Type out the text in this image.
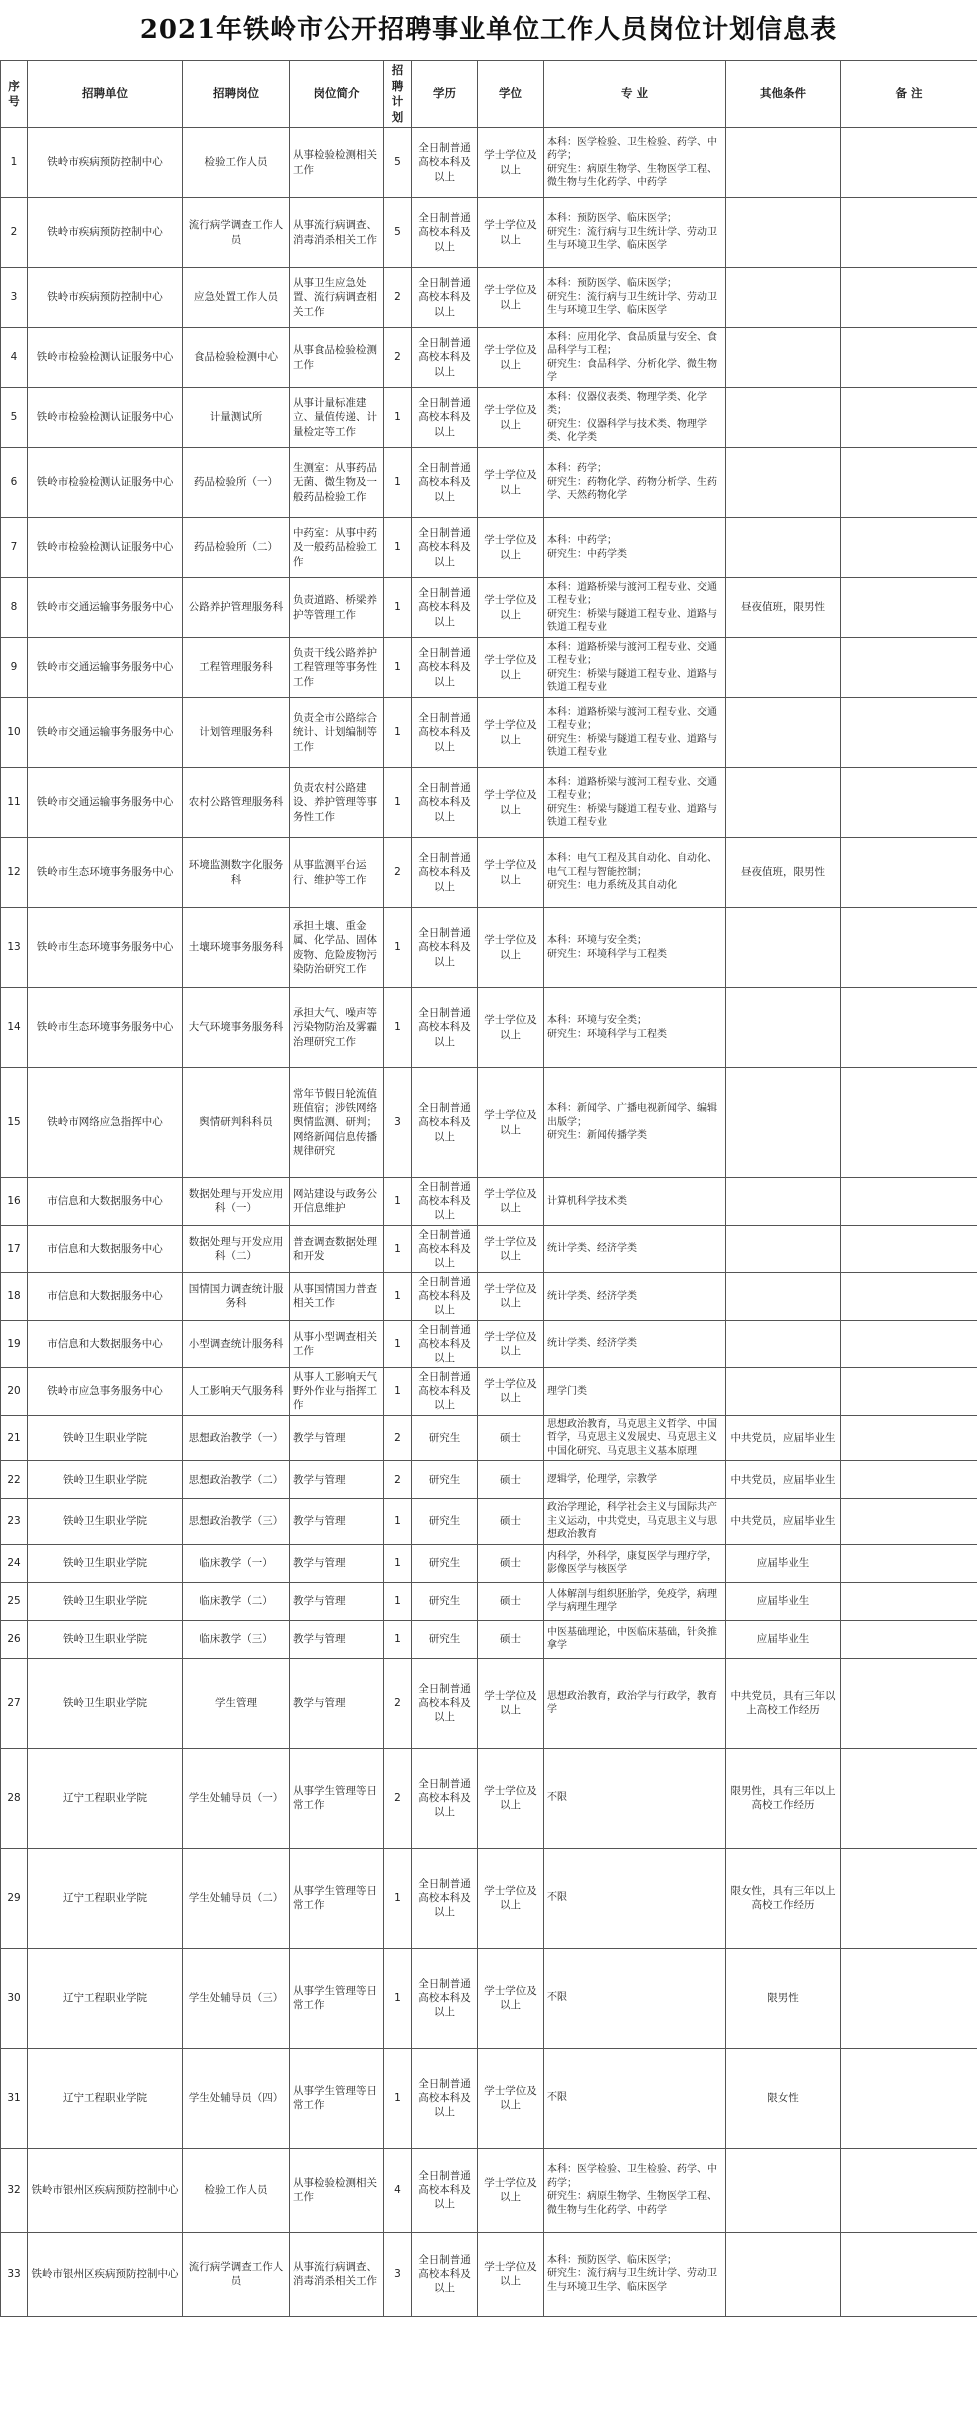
2021年铁岭市公开招聘事业单位工作人员岗位计划信息表
序号	招聘单位	招聘岗位	岗位简介	招聘计划	学历	学位	专 业	其他条件	备 注
1	铁岭市疾病预防控制中心	检验工作人员	从事检验检测相关工作	5	全日制普通高校本科及以上	学士学位及以上	本科：医学检验、卫生检验、药学、中药学；
研究生：病原生物学、生物医学工程、微生物与生化药学、中药学		
2	铁岭市疾病预防控制中心	流行病学调查工作人员	从事流行病调查、消毒消杀相关工作	5	全日制普通高校本科及以上	学士学位及以上	本科：预防医学、临床医学；
研究生：流行病与卫生统计学、劳动卫生与环境卫生学、临床医学		
3	铁岭市疾病预防控制中心	应急处置工作人员	从事卫生应急处置、流行病调查相关工作	2	全日制普通高校本科及以上	学士学位及以上	本科：预防医学、临床医学；
研究生：流行病与卫生统计学、劳动卫生与环境卫生学、临床医学		
4	铁岭市检验检测认证服务中心	食品检验检测中心	从事食品检验检测工作	2	全日制普通高校本科及以上	学士学位及以上	本科：应用化学、食品质量与安全、食品科学与工程；
研究生：食品科学、分析化学、微生物学		
5	铁岭市检验检测认证服务中心	计量测试所	从事计量标准建立、量值传递、计量检定等工作	1	全日制普通高校本科及以上	学士学位及以上	本科：仪器仪表类、物理学类、化学类；
研究生：仪器科学与技术类、物理学类、化学类		
6	铁岭市检验检测认证服务中心	药品检验所（一）	生测室：从事药品无菌、微生物及一般药品检验工作	1	全日制普通高校本科及以上	学士学位及以上	本科：药学；
研究生：药物化学、药物分析学、生药学、天然药物化学		
7	铁岭市检验检测认证服务中心	药品检验所（二）	中药室：从事中药及一般药品检验工作	1	全日制普通高校本科及以上	学士学位及以上	本科：中药学；
研究生：中药学类		
8	铁岭市交通运输事务服务中心	公路养护管理服务科	负责道路、桥梁养护等管理工作	1	全日制普通高校本科及以上	学士学位及以上	本科：道路桥梁与渡河工程专业、交通工程专业；
研究生：桥梁与隧道工程专业、道路与铁道工程专业	昼夜值班，限男性	
9	铁岭市交通运输事务服务中心	工程管理服务科	负责干线公路养护工程管理等事务性工作	1	全日制普通高校本科及以上	学士学位及以上	本科：道路桥梁与渡河工程专业、交通工程专业；
研究生：桥梁与隧道工程专业、道路与铁道工程专业		
10	铁岭市交通运输事务服务中心	计划管理服务科	负责全市公路综合统计、计划编制等工作	1	全日制普通高校本科及以上	学士学位及以上	本科：道路桥梁与渡河工程专业、交通工程专业；
研究生：桥梁与隧道工程专业、道路与铁道工程专业		
11	铁岭市交通运输事务服务中心	农村公路管理服务科	负责农村公路建设、养护管理等事务性工作	1	全日制普通高校本科及以上	学士学位及以上	本科：道路桥梁与渡河工程专业、交通工程专业；
研究生：桥梁与隧道工程专业、道路与铁道工程专业		
12	铁岭市生态环境事务服务中心	环境监测数字化服务科	从事监测平台运行、维护等工作	2	全日制普通高校本科及以上	学士学位及以上	本科：电气工程及其自动化、自动化、电气工程与智能控制；
研究生：电力系统及其自动化	昼夜值班，限男性	
13	铁岭市生态环境事务服务中心	土壤环境事务服务科	承担土壤、重金属、化学品、固体废物、危险废物污染防治研究工作	1	全日制普通高校本科及以上	学士学位及以上	本科：环境与安全类；
研究生：环境科学与工程类		
14	铁岭市生态环境事务服务中心	大气环境事务服务科	承担大气、噪声等污染物防治及雾霾治理研究工作	1	全日制普通高校本科及以上	学士学位及以上	本科：环境与安全类；
研究生：环境科学与工程类		
15	铁岭市网络应急指挥中心	舆情研判科科员	常年节假日轮流值班值宿；涉铁网络舆情监测、研判；网络新闻信息传播规律研究	3	全日制普通高校本科及以上	学士学位及以上	本科：新闻学、广播电视新闻学、编辑出版学；
研究生：新闻传播学类		
16	市信息和大数据服务中心	数据处理与开发应用科（一）	网站建设与政务公开信息维护	1	全日制普通高校本科及以上	学士学位及以上	计算机科学技术类		
17	市信息和大数据服务中心	数据处理与开发应用科（二）	普查调查数据处理和开发	1	全日制普通高校本科及以上	学士学位及以上	统计学类、经济学类		
18	市信息和大数据服务中心	国情国力调查统计服务科	从事国情国力普查相关工作	1	全日制普通高校本科及以上	学士学位及以上	统计学类、经济学类		
19	市信息和大数据服务中心	小型调查统计服务科	从事小型调查相关工作	1	全日制普通高校本科及以上	学士学位及以上	统计学类、经济学类		
20	铁岭市应急事务服务中心	人工影响天气服务科	从事人工影响天气野外作业与指挥工作	1	全日制普通高校本科及以上	学士学位及以上	理学门类		
21	铁岭卫生职业学院	思想政治教学（一）	教学与管理	2	研究生	硕士	思想政治教育，马克思主义哲学、中国哲学，马克思主义发展史、马克思主义中国化研究、马克思主义基本原理	中共党员，应届毕业生	
22	铁岭卫生职业学院	思想政治教学（二）	教学与管理	2	研究生	硕士	逻辑学，伦理学，宗教学	中共党员，应届毕业生	
23	铁岭卫生职业学院	思想政治教学（三）	教学与管理	1	研究生	硕士	政治学理论，科学社会主义与国际共产主义运动，中共党史，马克思主义与思想政治教育	中共党员，应届毕业生	
24	铁岭卫生职业学院	临床教学（一）	教学与管理	1	研究生	硕士	内科学，外科学，康复医学与理疗学，影像医学与核医学	应届毕业生	
25	铁岭卫生职业学院	临床教学（二）	教学与管理	1	研究生	硕士	人体解剖与组织胚胎学，免疫学，病理学与病理生理学	应届毕业生	
26	铁岭卫生职业学院	临床教学（三）	教学与管理	1	研究生	硕士	中医基础理论，中医临床基础，针灸推拿学	应届毕业生	
27	铁岭卫生职业学院	学生管理	教学与管理	2	全日制普通高校本科及以上	学士学位及以上	思想政治教育，政治学与行政学，教育学	中共党员，具有三年以上高校工作经历	
28	辽宁工程职业学院	学生处辅导员（一）	从事学生管理等日常工作	2	全日制普通高校本科及以上	学士学位及以上	不限	限男性，具有三年以上高校工作经历	
29	辽宁工程职业学院	学生处辅导员（二）	从事学生管理等日常工作	1	全日制普通高校本科及以上	学士学位及以上	不限	限女性，具有三年以上高校工作经历	
30	辽宁工程职业学院	学生处辅导员（三）	从事学生管理等日常工作	1	全日制普通高校本科及以上	学士学位及以上	不限	限男性	
31	辽宁工程职业学院	学生处辅导员（四）	从事学生管理等日常工作	1	全日制普通高校本科及以上	学士学位及以上	不限	限女性	
32	铁岭市银州区疾病预防控制中心	检验工作人员	从事检验检测相关工作	4	全日制普通高校本科及以上	学士学位及以上	本科：医学检验、卫生检验、药学、中药学；
研究生：病原生物学、生物医学工程、微生物与生化药学、中药学		
33	铁岭市银州区疾病预防控制中心	流行病学调查工作人员	从事流行病调查、消毒消杀相关工作	3	全日制普通高校本科及以上	学士学位及以上	本科：预防医学、临床医学；
研究生：流行病与卫生统计学、劳动卫生与环境卫生学、临床医学		
